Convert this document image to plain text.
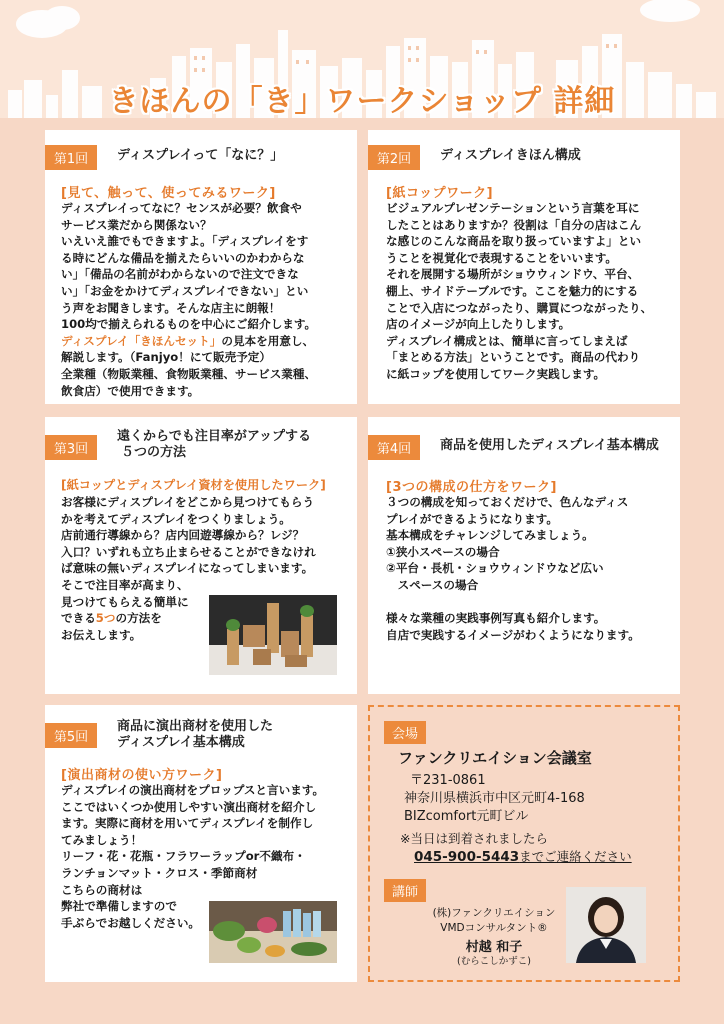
きほんの「き」ワークショップ 詳細
第1回	ディスプレイって「なに？」
[見て、触って、使ってみるワーク]
ディスプレイってなに？センスが必要？飲食や
サービス業だから関係ない？
いえいえ誰でもできますよ。「ディスプレイをす
る時にどんな備品を揃えたらいいのかわからな
い」「備品の名前がわからないので注文できな
い」「お金をかけてディスプレイできない」とい
う声をお聞きします。そんな店主に朗報！
100均で揃えられるものを中心にご紹介します。
ディスプレイ「きほんセット」の見本を用意し、
解説します。（Fanjyo！にて販売予定）
全業種（物販業種、食物販業種、サービス業種、
飲食店）で使用できます。
第2回	ディスプレイきほん構成
[紙コップワーク]
ビジュアルプレゼンテーションという言葉を耳に
したことはありますか？役割は「自分の店はこん
な感じのこんな商品を取り扱っていますよ」とい
うことを視覚化で表現することをいいます。
それを展開する場所がショウウィンドウ、平台、
棚上、サイドテーブルです。ここを魅力的にする
ことで入店につながったり、購買につながったり、
店のイメージが向上したりします。
ディスプレイ構成とは、簡単に言ってしまえば
「まとめる方法」ということです。商品の代わり
に紙コップを使用してワーク実践します。
第3回
遠くからでも注目率がアップする
５つの方法
[紙コップとディスプレイ資材を使用したワーク]
お客様にディスプレイをどこから見つけてもらう
かを考えてディスプレイをつくりましょう。
店前通行導線から？店内回遊導線から？レジ？
入口？いずれも立ち止まらせることができなけれ
ば意味の無いディスプレイになってしまいます。
そこで注目率が高まり、
見つけてもらえる簡単に
できる5つの方法を
お伝えします。
第4回	商品を使用したディスプレイ基本構成
[3つの構成の仕方をワーク]
３つの構成を知っておくだけで、色んなディス
プレイができるようになります。
基本構成をチャレンジしてみましょう。
①狭小スペースの場合
②平台・長机・ショウウィンドウなど広い
　スペースの場合
様々な業種の実践事例写真も紹介します。
自店で実践するイメージがわくようになります。
第5回
商品に演出商材を使用した
ディスプレイ基本構成
[演出商材の使い方ワーク]
ディスプレイの演出商材をプロップスと言います。
ここではいくつか使用しやすい演出商材を紹介し
ます。実際に商材を用いてディスプレイを制作し
てみましょう！
リーフ・花・花瓶・フラワーラップor不織布・
ランチョンマット・クロス・季節商材
こちらの商材は
弊社で準備しますので
手ぶらでお越しください。
会場
ファンクリエイション会議室
〒231-0861
神奈川県横浜市中区元町4-168
BIZcomfort元町ビル
※当日は到着されましたら
045-900-5443までご連絡ください
講師
(株)ファンクリエイション
VMDコンサルタント®
村越 和子
(むらこしかずこ)
